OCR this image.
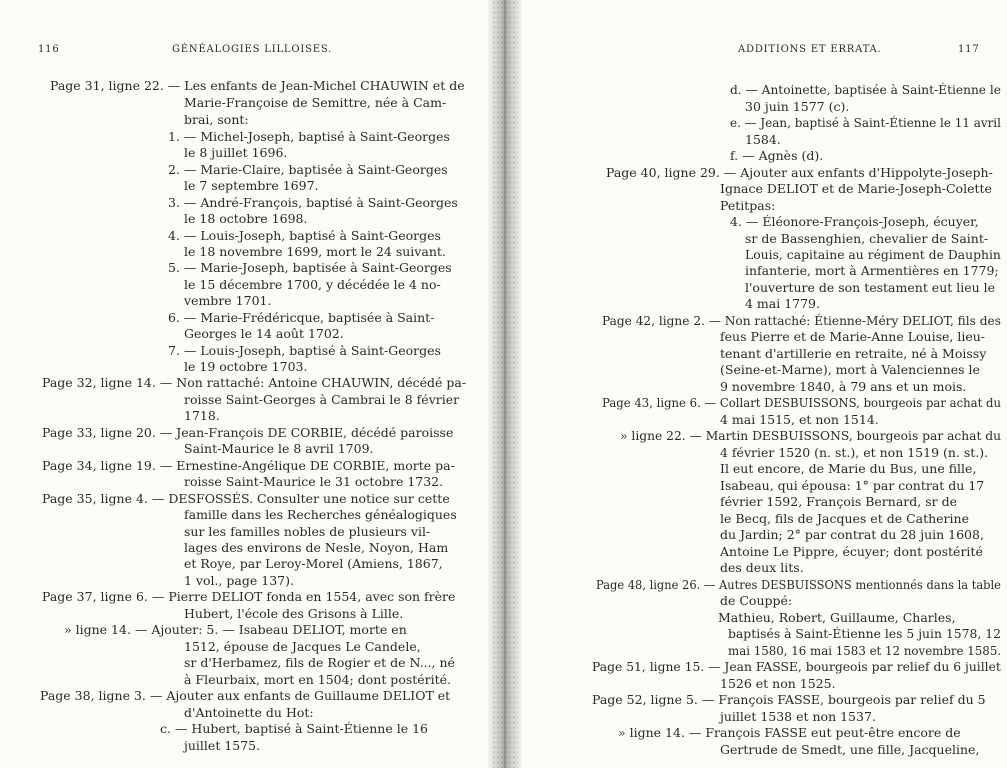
116	GÉNÉALOGIES LILLOISES.
Page 31, ligne 22. — Les enfants de Jean-Michel CHAUWIN et de
Marie-Françoise de Semittre, née à Cam-
brai, sont:
1. — Michel-Joseph, baptisé à Saint-Georges
le 8 juillet 1696.
2. — Marie-Claire, baptisée à Saint-Georges
le 7 septembre 1697.
3. — André-François, baptisé à Saint-Georges
le 18 octobre 1698.
4. — Louis-Joseph, baptisé à Saint-Georges
le 18 novembre 1699, mort le 24 suivant.
5. — Marie-Joseph, baptisée à Saint-Georges
le 15 décembre 1700, y décédée le 4 no-
vembre 1701.
6. — Marie-Frédéricque, baptisée à Saint-
Georges le 14 août 1702.
7. — Louis-Joseph, baptisé à Saint-Georges
le 19 octobre 1703.
Page 32, ligne 14. — Non rattaché: Antoine CHAUWIN, décédé pa-
roisse Saint-Georges à Cambrai le 8 février
1718.
Page 33, ligne 20. — Jean-François DE CORBIE, décédé paroisse
Saint-Maurice le 8 avril 1709.
Page 34, ligne 19. — Ernestine-Angélique DE CORBIE, morte pa-
roisse Saint-Maurice le 31 octobre 1732.
Page 35, ligne 4. — DESFOSSÉS. Consulter une notice sur cette
famille dans les Recherches généalogiques
sur les familles nobles de plusieurs vil-
lages des environs de Nesle, Noyon, Ham
et Roye, par Leroy-Morel (Amiens, 1867,
1 vol., page 137).
Page 37, ligne 6. — Pierre DELIOT fonda en 1554, avec son frère
Hubert, l'école des Grisons à Lille.
» ligne 14. — Ajouter: 5. — Isabeau DELIOT, morte en
1512, épouse de Jacques Le Candele,
sr d'Herbamez, fils de Rogier et de N..., né
à Fleurbaix, mort en 1504; dont postérité.
Page 38, ligne 3. — Ajouter aux enfants de Guillaume DELIOT et
d'Antoinette du Hot:
c. — Hubert, baptisé à Saint-Étienne le 16
juillet 1575.
ADDITIONS ET ERRATA.	117
d. — Antoinette, baptisée à Saint-Étienne le
30 juin 1577 (c).
e. — Jean, baptisé à Saint-Étienne le 11 avril
1584.
f. — Agnès (d).
Page 40, ligne 29. — Ajouter aux enfants d'Hippolyte-Joseph-
Ignace DELIOT et de Marie-Joseph-Colette
Petitpas:
4. — Éléonore-François-Joseph, écuyer,
sr de Bassenghien, chevalier de Saint-
Louis, capitaine au régiment de Dauphin
infanterie, mort à Armentières en 1779;
l'ouverture de son testament eut lieu le
4 mai 1779.
Page 42, ligne 2. — Non rattaché: Étienne-Méry DELIOT, fils des
feus Pierre et de Marie-Anne Louise, lieu-
tenant d'artillerie en retraite, né à Moissy
(Seine-et-Marne), mort à Valenciennes le
9 novembre 1840, à 79 ans et un mois.
Page 43, ligne 6. — Collart DESBUISSONS, bourgeois par achat du
4 mai 1515, et non 1514.
» ligne 22. — Martin DESBUISSONS, bourgeois par achat du
4 février 1520 (n. st.), et non 1519 (n. st.).
Il eut encore, de Marie du Bus, une fille,
Isabeau, qui épousa: 1° par contrat du 17
février 1592, François Bernard, sr de
le Becq, fils de Jacques et de Catherine
du Jardin; 2° par contrat du 28 juin 1608,
Antoine Le Pippre, écuyer; dont postérité
des deux lits.
Page 48, ligne 26. — Autres DESBUISSONS mentionnés dans la table
de Couppé:
Mathieu, Robert, Guillaume, Charles,
baptisés à Saint-Étienne les 5 juin 1578, 12
mai 1580, 16 mai 1583 et 12 novembre 1585.
Page 51, ligne 15. — Jean FASSE, bourgeois par relief du 6 juillet
1526 et non 1525.
Page 52, ligne 5. — François FASSE, bourgeois par relief du 5
juillet 1538 et non 1537.
» ligne 14. — François FASSE eut peut-être encore de
Gertrude de Smedt, une fille, Jacqueline,
